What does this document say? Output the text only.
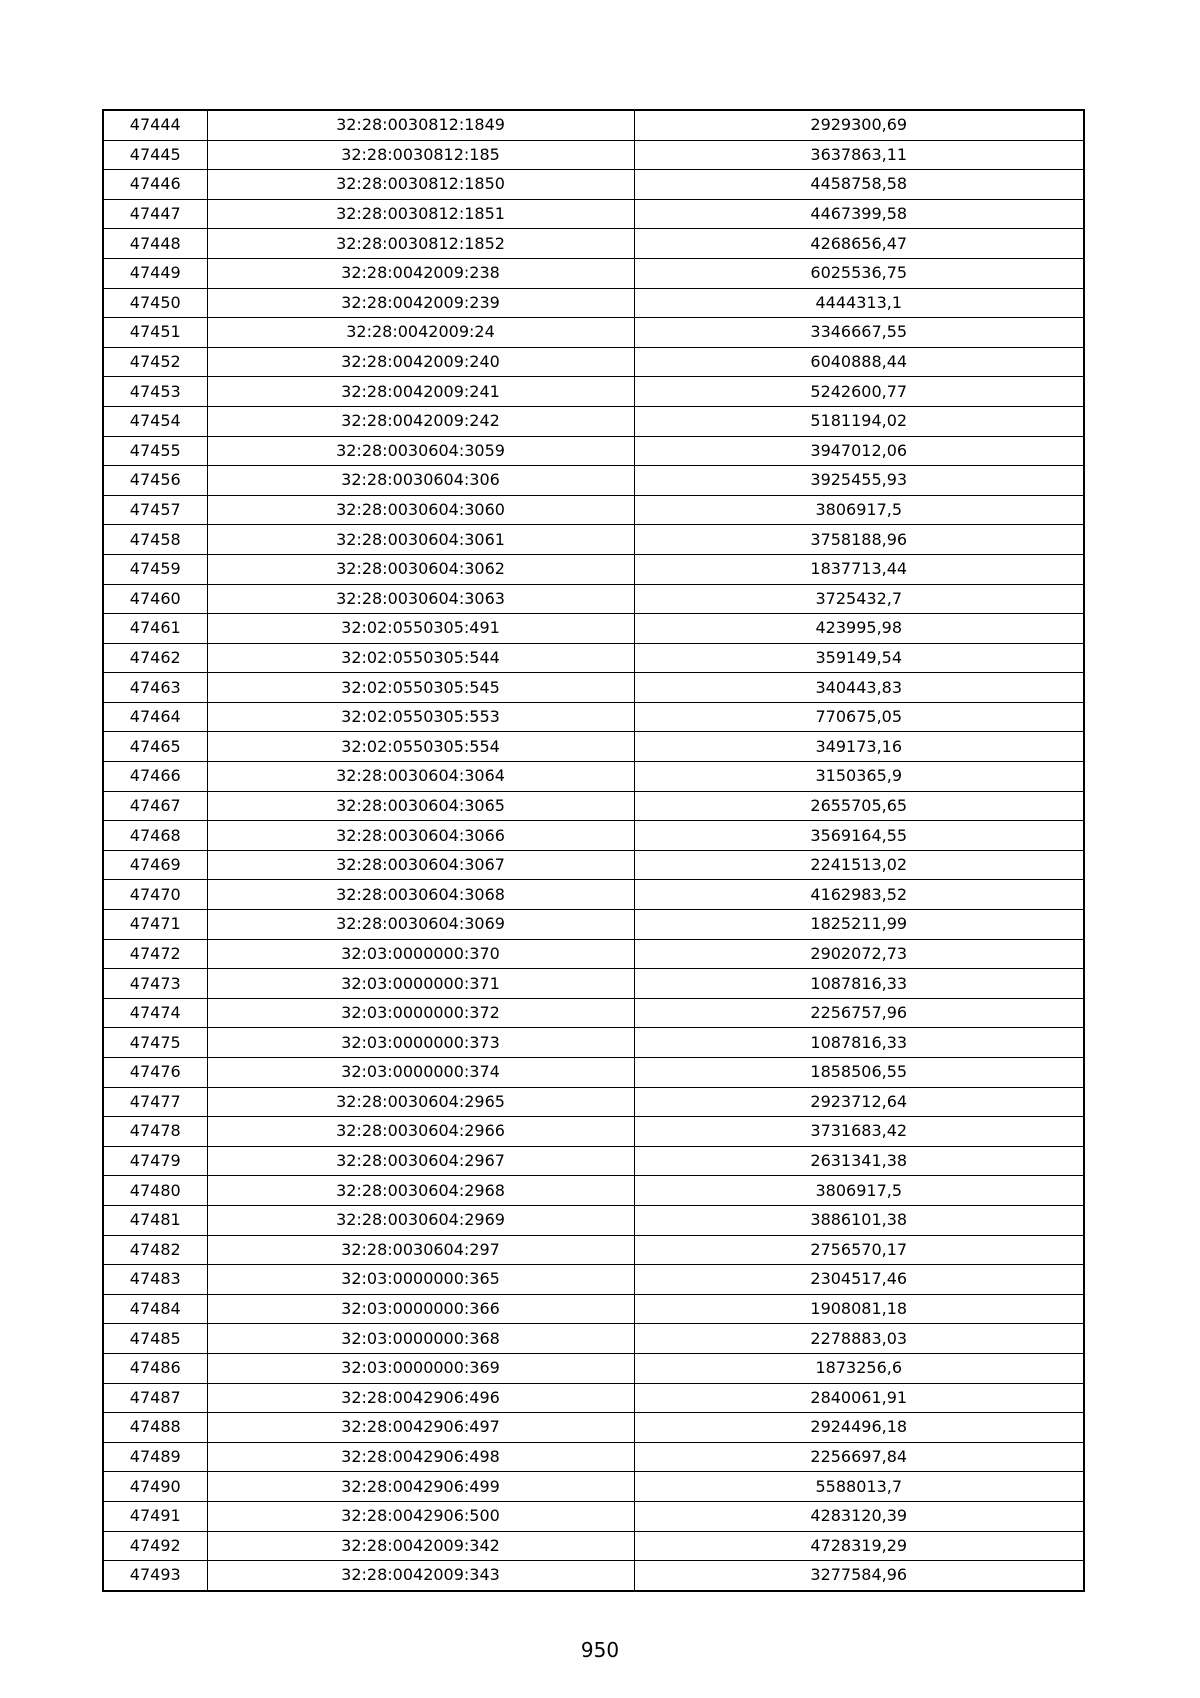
47444	32:28:0030812:1849	2929300,69
47445	32:28:0030812:185	3637863,11
47446	32:28:0030812:1850	4458758,58
47447	32:28:0030812:1851	4467399,58
47448	32:28:0030812:1852	4268656,47
47449	32:28:0042009:238	6025536,75
47450	32:28:0042009:239	4444313,1
47451	32:28:0042009:24	3346667,55
47452	32:28:0042009:240	6040888,44
47453	32:28:0042009:241	5242600,77
47454	32:28:0042009:242	5181194,02
47455	32:28:0030604:3059	3947012,06
47456	32:28:0030604:306	3925455,93
47457	32:28:0030604:3060	3806917,5
47458	32:28:0030604:3061	3758188,96
47459	32:28:0030604:3062	1837713,44
47460	32:28:0030604:3063	3725432,7
47461	32:02:0550305:491	423995,98
47462	32:02:0550305:544	359149,54
47463	32:02:0550305:545	340443,83
47464	32:02:0550305:553	770675,05
47465	32:02:0550305:554	349173,16
47466	32:28:0030604:3064	3150365,9
47467	32:28:0030604:3065	2655705,65
47468	32:28:0030604:3066	3569164,55
47469	32:28:0030604:3067	2241513,02
47470	32:28:0030604:3068	4162983,52
47471	32:28:0030604:3069	1825211,99
47472	32:03:0000000:370	2902072,73
47473	32:03:0000000:371	1087816,33
47474	32:03:0000000:372	2256757,96
47475	32:03:0000000:373	1087816,33
47476	32:03:0000000:374	1858506,55
47477	32:28:0030604:2965	2923712,64
47478	32:28:0030604:2966	3731683,42
47479	32:28:0030604:2967	2631341,38
47480	32:28:0030604:2968	3806917,5
47481	32:28:0030604:2969	3886101,38
47482	32:28:0030604:297	2756570,17
47483	32:03:0000000:365	2304517,46
47484	32:03:0000000:366	1908081,18
47485	32:03:0000000:368	2278883,03
47486	32:03:0000000:369	1873256,6
47487	32:28:0042906:496	2840061,91
47488	32:28:0042906:497	2924496,18
47489	32:28:0042906:498	2256697,84
47490	32:28:0042906:499	5588013,7
47491	32:28:0042906:500	4283120,39
47492	32:28:0042009:342	4728319,29
47493	32:28:0042009:343	3277584,96
950
